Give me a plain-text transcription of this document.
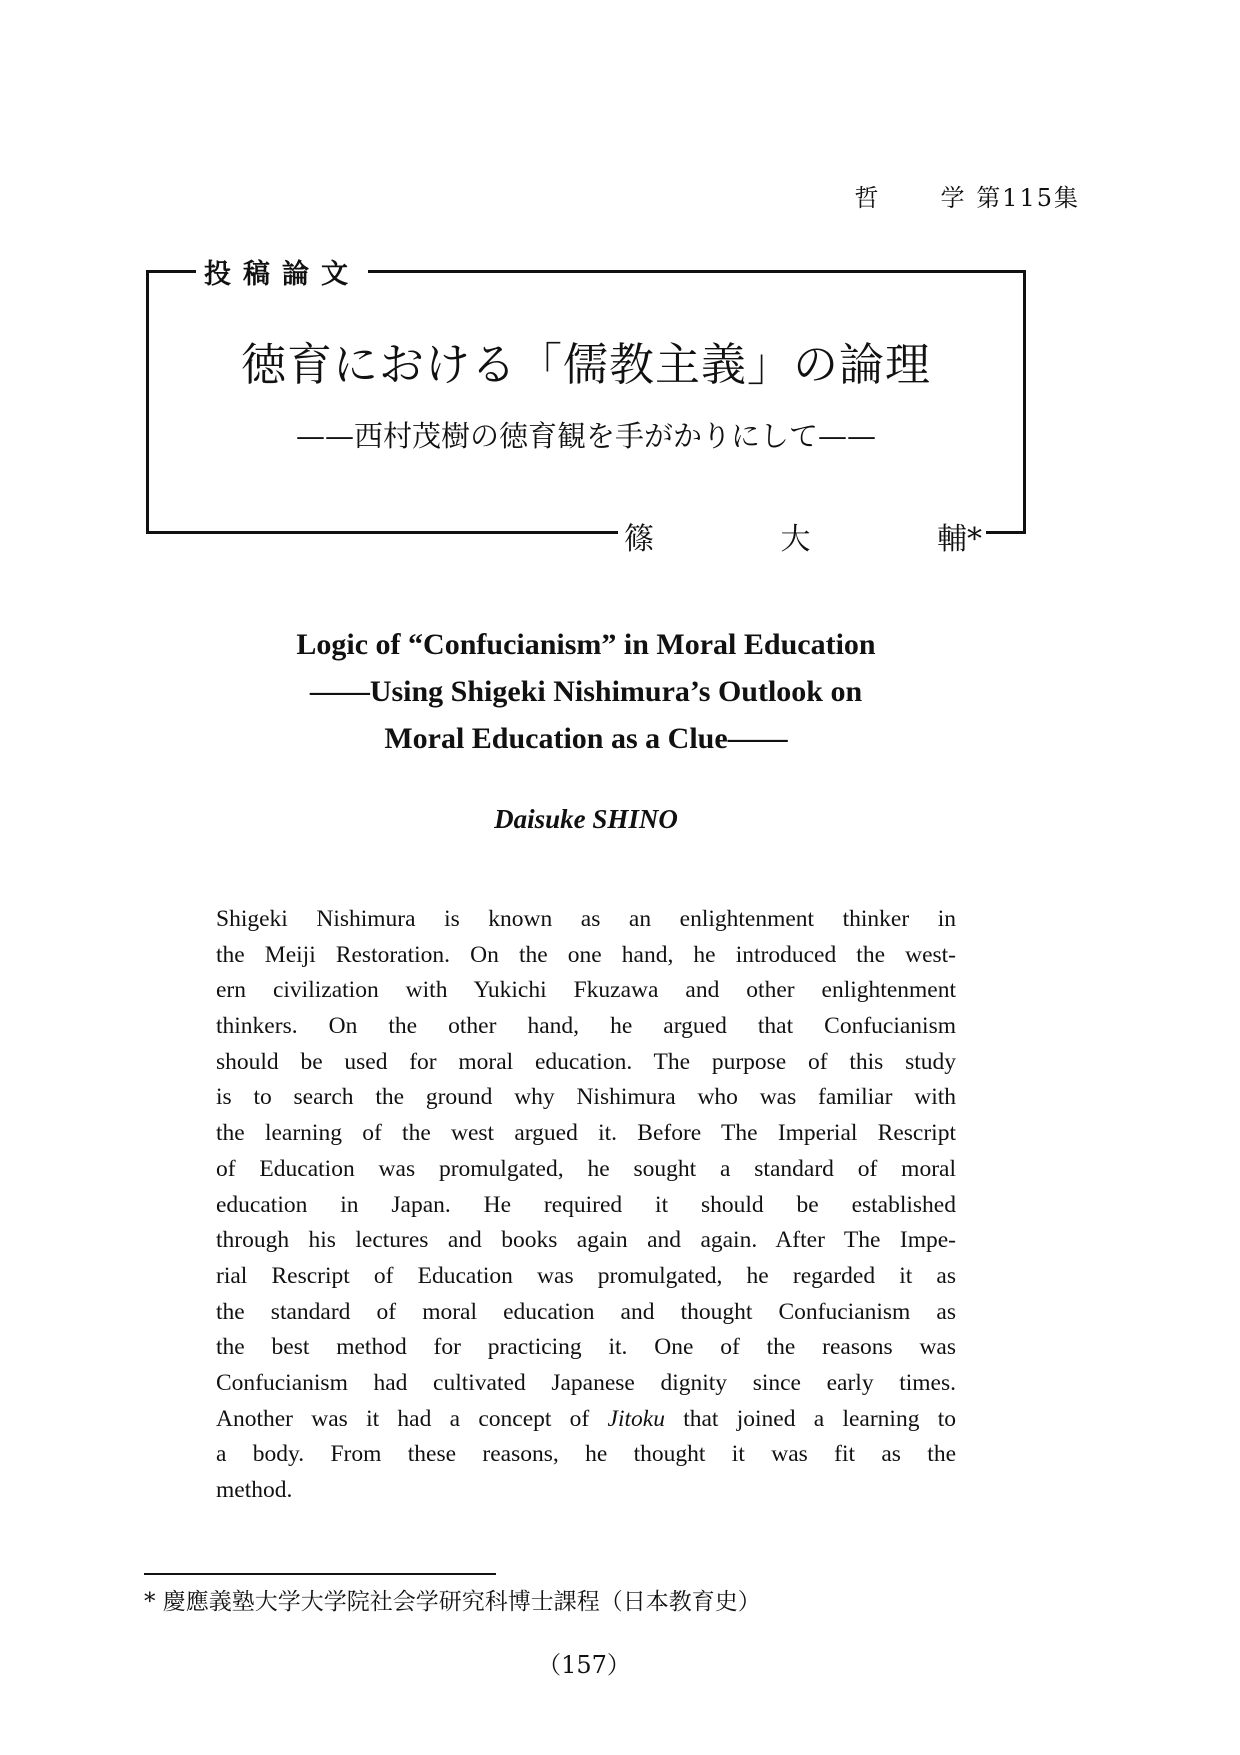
哲	学 第115集
投稿論文
徳育における「儒教主義」の論理
——西村茂樹の徳育観を手がかりにして——
篠	大	輔*
Logic of “Confucianism” in Moral Education
——Using Shigeki Nishimura’s Outlook on
Moral Education as a Clue——
Daisuke SHINO
Shigeki Nishimura is known as an enlightenment thinker in
the Meiji Restoration. On the one hand, he introduced the west-
ern civilization with Yukichi Fkuzawa and other enlightenment
thinkers. On the other hand, he argued that Confucianism
should be used for moral education. The purpose of this study
is to search the ground why Nishimura who was familiar with
the learning of the west argued it. Before The Imperial Rescript
of Education was promulgated, he sought a standard of moral
education in Japan. He required it should be established
through his lectures and books again and again. After The Impe-
rial Rescript of Education was promulgated, he regarded it as
the standard of moral education and thought Confucianism as
the best method for practicing it. One of the reasons was
Confucianism had cultivated Japanese dignity since early times.
Another was it had a concept of Jitoku that joined a learning to
a body. From these reasons, he thought it was fit as the
method.
* 慶應義塾大学大学院社会学研究科博士課程（日本教育史）
（157）
